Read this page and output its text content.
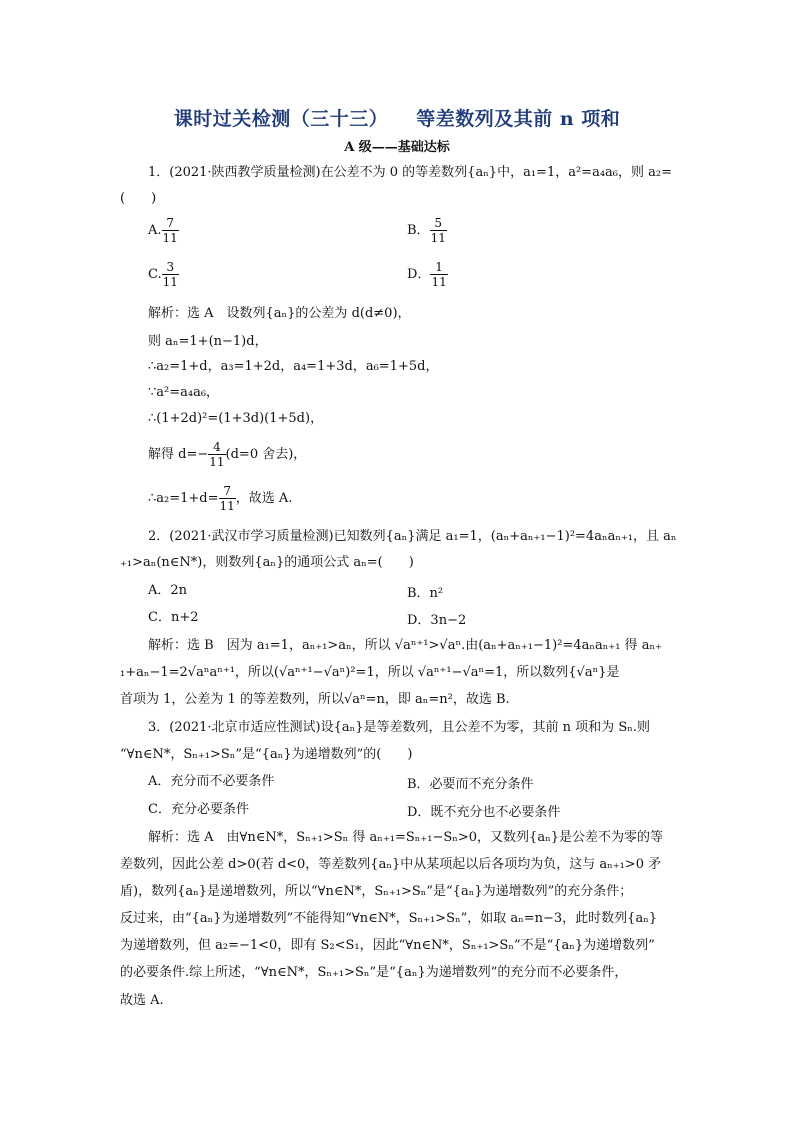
课时过关检测（三十三） 等差数列及其前 n 项和
A 级——基础达标
1．(2021·陕西教学质量检测)在公差不为 0 的等差数列{aₙ}中，a₁=1，a²=a₄a₆，则 a₂=
(　　)
A. $\frac{7}{11}$	B． $\frac{5}{11}$
C. $\frac{3}{11}$	D． $\frac{1}{11}$
解析：选 A　设数列{aₙ}的公差为 d(d≠0)，
则 aₙ=1+(n−1)d，
∴a₂=1+d，a₃=1+2d，a₄=1+3d，a₆=1+5d，
∵a²=a₄a₆，
∴(1+2d)²=(1+3d)(1+5d)，
解得 $d=- \frac{4}{11} (d=0$ 舍去)，
∴a₂=1+d= $\frac{7}{11}$ ，故选 A.
2．(2021·武汉市学习质量检测)已知数列{aₙ}满足 a₁=1，(aₙ+aₙ₊₁−1)²=4aₙaₙ₊₁，且 aₙ
₊₁>aₙ(n∈N*)，则数列{aₙ}的通项公式 aₙ=(　　)
A．2n	B．n²
C．n+2	D．3n−2
解析：选 B　因为 a₁=1，aₙ₊₁>aₙ，所以 √aⁿ⁺¹>√aⁿ.由(aₙ+aₙ₊₁−1)²=4aₙaₙ₊₁ 得 aₙ₊
₁+aₙ−1=2√aⁿaⁿ⁺¹，所以(√aⁿ⁺¹−√aⁿ)²=1，所以 √aⁿ⁺¹−√aⁿ=1，所以数列{√aⁿ}是
首项为 1，公差为 1 的等差数列，所以√aⁿ=n，即 aₙ=n²，故选 B.
3．(2021·北京市适应性测试)设{aₙ}是等差数列，且公差不为零，其前 n 项和为 Sₙ.则
“∀n∈N*，Sₙ₊₁>Sₙ”是“{aₙ}为递增数列”的(　　)
A．充分而不必要条件	B．必要而不充分条件
C．充分必要条件	D．既不充分也不必要条件
解析：选 A　由∀n∈N*，Sₙ₊₁>Sₙ 得 aₙ₊₁=Sₙ₊₁−Sₙ>0，又数列{aₙ}是公差不为零的等
差数列，因此公差 d>0(若 d<0，等差数列{aₙ}中从某项起以后各项均为负，这与 aₙ₊₁>0 矛
盾)，数列{aₙ}是递增数列，所以“∀n∈N*，Sₙ₊₁>Sₙ”是“{aₙ}为递增数列”的充分条件；
反过来，由“{aₙ}为递增数列”不能得知“∀n∈N*，Sₙ₊₁>Sₙ”，如取 aₙ=n−3，此时数列{aₙ}
为递增数列，但 a₂=−1<0，即有 S₂<S₁，因此“∀n∈N*，Sₙ₊₁>Sₙ”不是“{aₙ}为递增数列”
的必要条件.综上所述，“∀n∈N*，Sₙ₊₁>Sₙ”是“{aₙ}为递增数列”的充分而不必要条件，
故选 A.
